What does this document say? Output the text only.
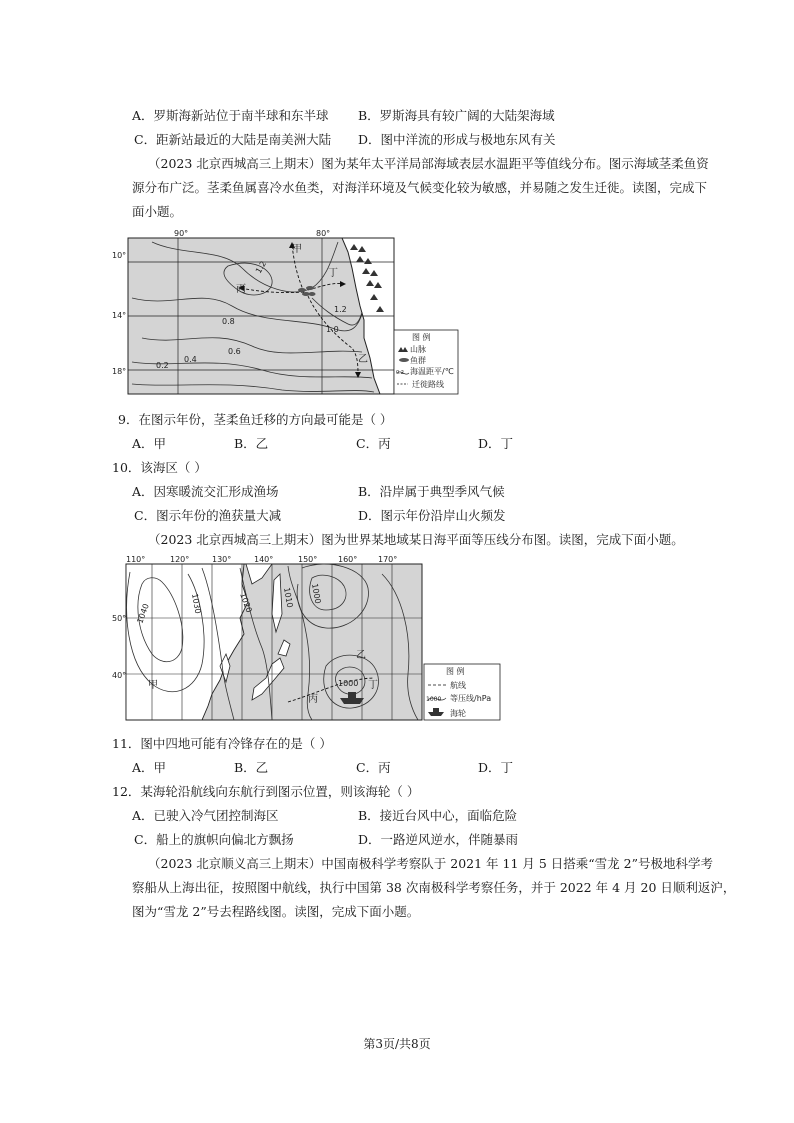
A．罗斯海新站位于南半球和东半球 B．罗斯海具有较广阔的大陆架海域
C．距新站最近的大陆是南美洲大陆 D．图中洋流的形成与极地东风有关
（2023 北京西城高三上期末）图为某年太平洋局部海域表层水温距平等值线分布。图示海域茎柔鱼资
源分布广泛。茎柔鱼属喜冷水鱼类，对海洋环境及气候变化较为敏感，并易随之发生迁徙。读图，完成下
面小题。
90°	80°
10°
14°
18°
甲
乙
丙
丁
1.2
1.2
1.0
0.8
0.6
0.4
0.2
图 例
山脉
鱼群
0.2 海温距平/℃
迁徙路线
9．在图示年份，茎柔鱼迁移的方向最可能是（ ）
A．甲	B．乙	C．丙	D．丁
10．该海区（ ）
A．因寒暖流交汇形成渔场	B．沿岸属于典型季风气候
C．图示年份的渔获量大减	D．图示年份沿岸山火频发
（2023 北京西城高三上期末）图为世界某地域某日海平面等压线分布图。读图，完成下面小题。
110°	120°	130°	140°	150°	160°	170°
50°
40°
1040	1030	1020	1010 1000
1000
甲
乙
丙
丁
图 例
航线
1000 等压线/hPa
海轮
11．图中四地可能有冷锋存在的是（ ）
A．甲	B．乙	C．丙	D．丁
12．某海轮沿航线向东航行到图示位置，则该海轮（ ）
A．已驶入冷气团控制海区	B．接近台风中心，面临危险
C．船上的旗帜向偏北方飘扬	D．一路逆风逆水，伴随暴雨
（2023 北京顺义高三上期末）中国南极科学考察队于 2021 年 11 月 5 日搭乘“雪龙 2”号极地科学考
察船从上海出征，按照图中航线，执行中国第 38 次南极科学考察任务，并于 2022 年 4 月 20 日顺利返沪，
图为“雪龙 2”号去程路线图。读图，完成下面小题。
第3页/共8页
